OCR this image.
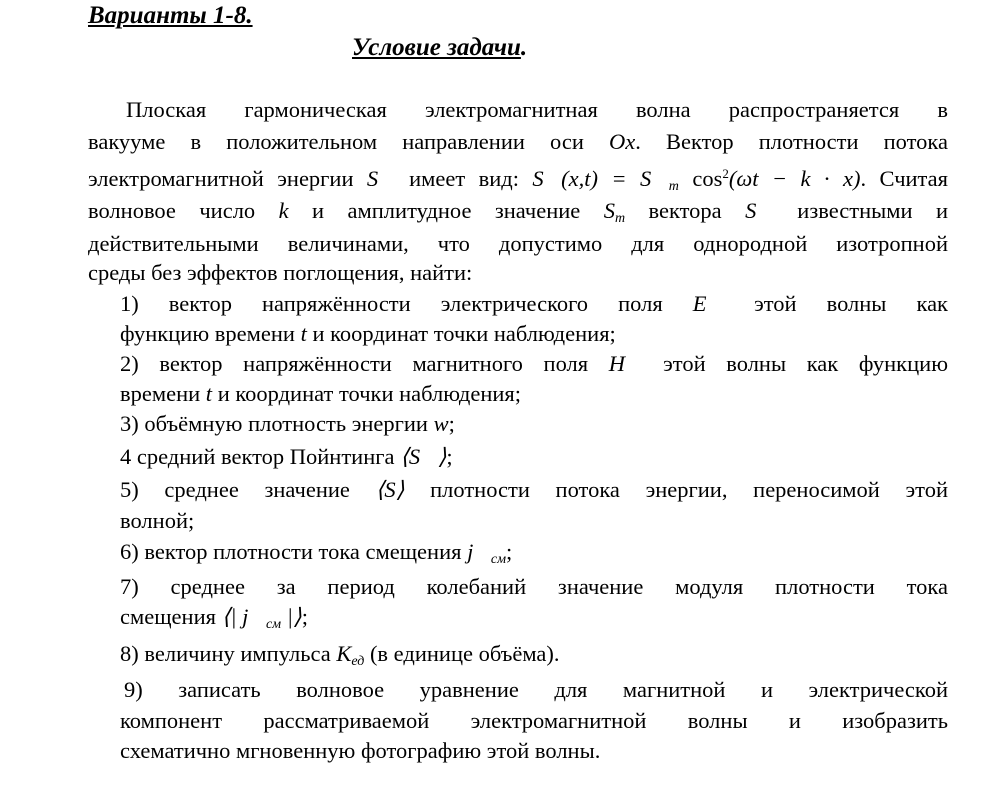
Варианты 1-8.
Условие задачи.
Плоская гармоническая электромагнитная волна распространяется в
вакууме в положительном направлении оси Ox. Вектор плотности потока
электромагнитной энергии S⃗ имеет вид: S⃗(x,t) = $S⃗_m$ $\cos^2(\omega t - k \cdot x)$. Считая
волновое число k и амплитудное значение $S_m$ вектора S⃗ известными и
действительными величинами, что допустимо для однородной изотропной
среды без эффектов поглощения, найти:
1) вектор напряжённости электрического поля E⃗ этой волны как
функцию времени t и координат точки наблюдения;
2) вектор напряжённости магнитного поля H⃗ этой волны как функцию
времени t и координат точки наблюдения;
3) объёмную плотность энергии w;
4 средний вектор Пойнтинга ⟨S⃗⟩;
5) среднее значение ⟨S⟩ плотности потока энергии, переносимой этой
волной;
6) вектор плотности тока смещения $j⃗_{см}$;
7) среднее за период колебаний значение модуля плотности тока
смещения ⟨| $j⃗_{см}$ |⟩;
8) величину импульса $K_{ед}$ (в единице объёма).
9) записать волновое уравнение для магнитной и электрической
компонент рассматриваемой электромагнитной волны и изобразить
схематично мгновенную фотографию этой волны.
